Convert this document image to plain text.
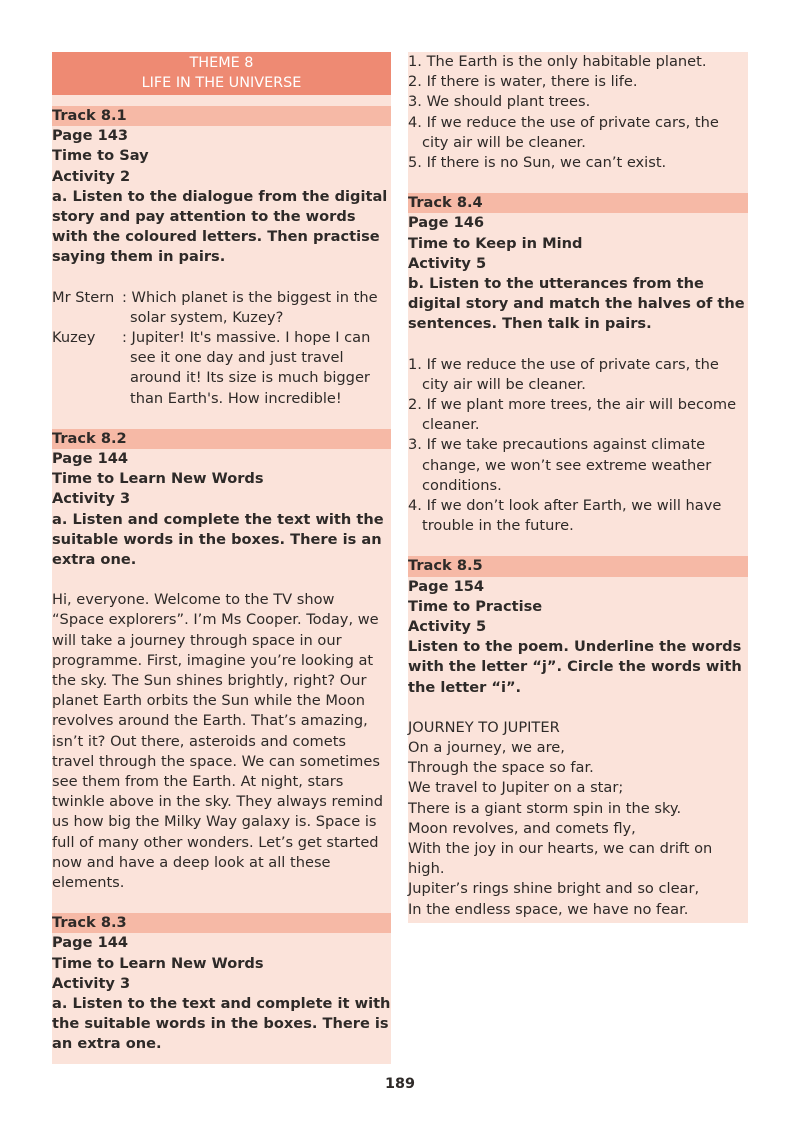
THEME 8
LIFE IN THE UNIVERSE
Track 8.1
Page 143
Time to Say
Activity 2
a. Listen to the dialogue from the digital story and pay attention to the words with the coloured letters. Then practise saying them in pairs.
Mr Stern : Which planet is the biggest in the solar system, Kuzey?
Kuzey	: Jupiter! It's massive. I hope I can see it one day and just travel around it! Its size is much bigger than Earth's. How incredible!
Track 8.2
Page 144
Time to Learn New Words
Activity 3
a. Listen and complete the text with the suitable words in the boxes. There is an extra one.
Hi, everyone. Welcome to the TV show “Space explorers”. I’m Ms Cooper. Today, we will take a journey through space in our programme. First, imagine you’re looking at the sky. The Sun shines brightly, right? Our planet Earth orbits the Sun while the Moon revolves around the Earth. That’s amazing, isn’t it? Out there, asteroids and comets travel through the space. We can sometimes see them from the Earth. At night, stars twinkle above in the sky. They always remind us how big the Milky Way galaxy is. Space is full of many other wonders. Let’s get started now and have a deep look at all these elements.
Track 8.3
Page 144
Time to Learn New Words
Activity 3
a. Listen to the text and complete it with the suitable words in the boxes. There is an extra one.
1. The Earth is the only habitable planet.
2. If there is water, there is life.
3. We should plant trees.
4. If we reduce the use of private cars, the city air will be cleaner.
5. If there is no Sun, we can’t exist.
Track 8.4
Page 146
Time to Keep in Mind
Activity 5
b. Listen to the utterances from the digital story and match the halves of the sentences. Then talk in pairs.
1. If we reduce the use of private cars, the city air will be cleaner.
2. If we plant more trees, the air will become cleaner.
3. If we take precautions against climate change, we won’t see extreme weather conditions.
4. If we don’t look after Earth, we will have trouble in the future.
Track 8.5
Page 154
Time to Practise
Activity 5
Listen to the poem. Underline the words with the letter “j”. Circle the words with the letter “i”.
JOURNEY TO JUPITER
On a journey, we are,
Through the space so far.
We travel to Jupiter on a star;
There is a giant storm spin in the sky.
Moon revolves, and comets fly,
With the joy in our hearts, we can drift on high.
Jupiter’s rings shine bright and so clear,
In the endless space, we have no fear.
189
